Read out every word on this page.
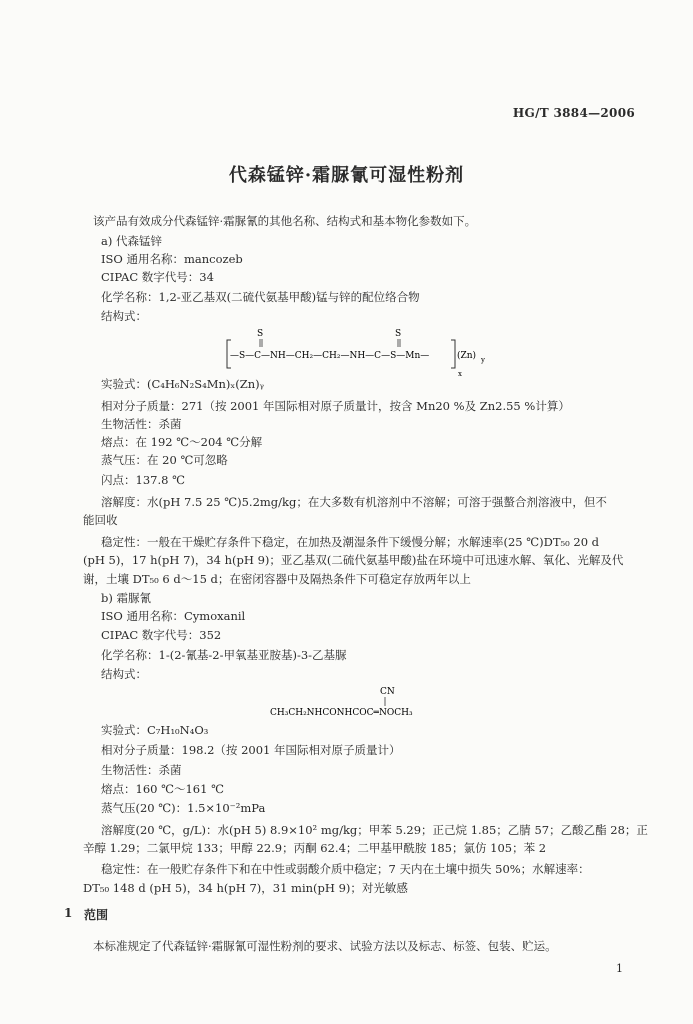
HG/T 3884—2006
代森锰锌·霜脲氰可湿性粉剂
该产品有效成分代森锰锌·霜脲氰的其他名称、结构式和基本物化参数如下。
a) 代森锰锌
ISO 通用名称：mancozeb
CIPAC 数字代号：34
化学名称：1,2-亚乙基双(二硫代氨基甲酸)锰与锌的配位络合物
结构式：
S	S
—S—C—NH—CH₂—CH₂—NH—C—S—Mn—	(Zn) y
x
实验式：(C₄H₆N₂S₄Mn)ₓ(Zn)ᵧ
相对分子质量：271（按 2001 年国际相对原子质量计，按含 Mn20 %及 Zn2.55 %计算）
生物活性：杀菌
熔点：在 192 ℃～204 ℃分解
蒸气压：在 20 ℃可忽略
闪点：137.8 ℃
溶解度：水(pH 7.5 25 ℃)5.2mg/kg；在大多数有机溶剂中不溶解；可溶于强螯合剂溶液中，但不
能回收
稳定性：一般在干燥贮存条件下稳定，在加热及潮湿条件下缓慢分解；水解速率(25 ℃)DT₅₀ 20 d
(pH 5)，17 h(pH 7)，34 h(pH 9)；亚乙基双(二硫代氨基甲酸)盐在环境中可迅速水解、氧化、光解及代
谢，土壤 DT₅₀ 6 d～15 d；在密闭容器中及隔热条件下可稳定存放两年以上
b) 霜脲氰
ISO 通用名称：Cymoxanil
CIPAC 数字代号：352
化学名称：1-(2-氰基-2-甲氧基亚胺基)-3-乙基脲
结构式：
CN
CH₃CH₂NHCONHCOC═NOCH₃
实验式：C₇H₁₀N₄O₃
相对分子质量：198.2（按 2001 年国际相对原子质量计）
生物活性：杀菌
熔点：160 ℃～161 ℃
蒸气压(20 ℃)：1.5×10⁻²mPa
溶解度(20 ℃，g/L)：水(pH 5) 8.9×10² mg/kg；甲苯 5.29；正己烷 1.85；乙腈 57；乙酸乙酯 28；正
辛醇 1.29；二氯甲烷 133；甲醇 22.9；丙酮 62.4；二甲基甲酰胺 185；氯仿 105；苯 2
稳定性：在一般贮存条件下和在中性或弱酸介质中稳定；7 天内在土壤中损失 50%；水解速率：
DT₅₀ 148 d (pH 5)，34 h(pH 7)，31 min(pH 9)；对光敏感
1 范围
本标准规定了代森锰锌·霜脲氰可湿性粉剂的要求、试验方法以及标志、标签、包装、贮运。
1
